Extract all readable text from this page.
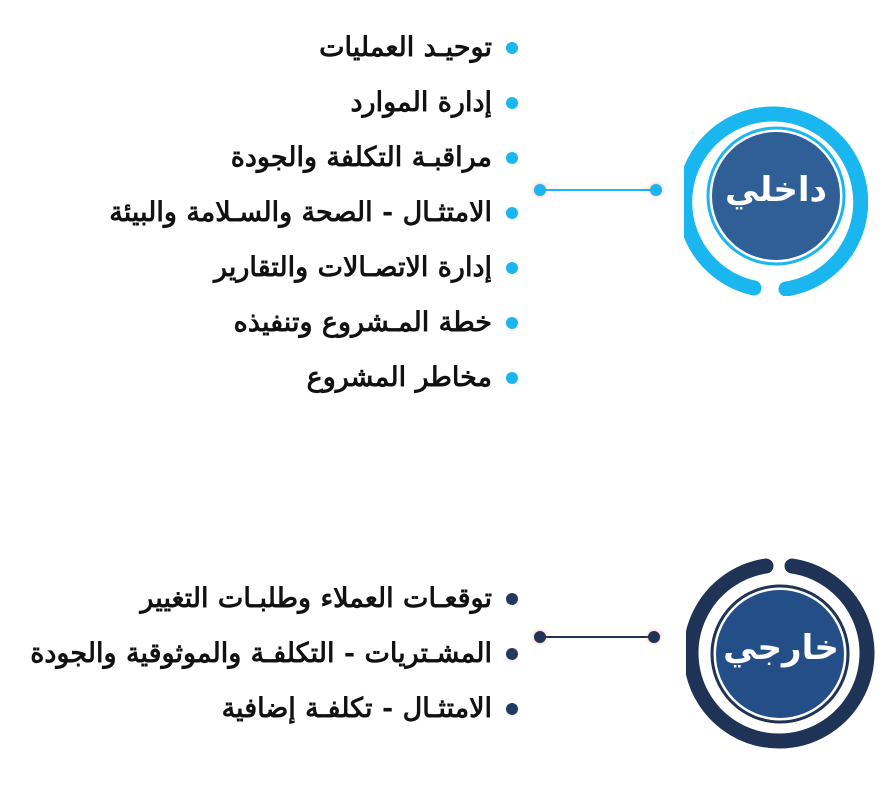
توحيـد العمليات
إدارة الموارد
مراقبـة التكلفة والجودة
الامتثـال - الصحة والسـلامة والبيئة
إدارة الاتصـالات والتقارير
خطة المـشروع وتنفيذه
مخاطر المشروع
داخلي
توقعـات العملاء وطلبـات التغيير
المشـتريات - التكلفـة والموثوقية والجودة
الامتثـال - تكلفـة إضافية
خارجي
